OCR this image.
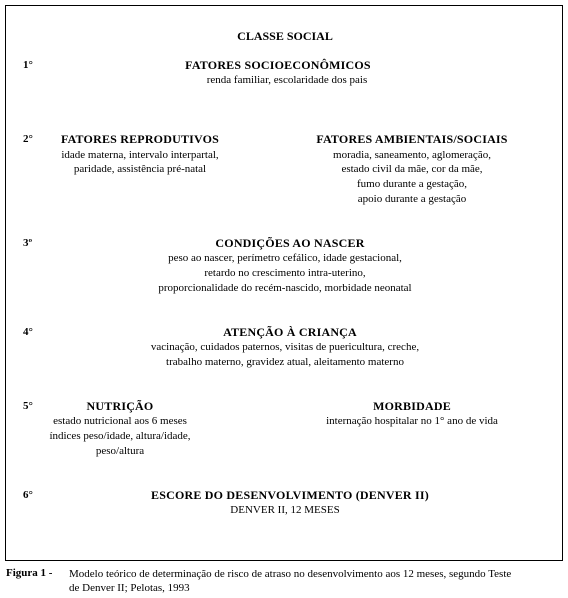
CLASSE SOCIAL
1°	FATORES SOCIOECONÔMICOS
renda familiar, escolaridade dos pais
2° FATORES REPRODUTIVOS
idade materna, intervalo interpartal,
paridade, assistência pré-natal
FATORES AMBIENTAIS/SOCIAIS
moradia, saneamento, aglomeração,
estado civil da mãe, cor da mãe,
fumo durante a gestação,
apoio durante a gestação
3º	CONDIÇÕES AO NASCER
peso ao nascer, perímetro cefálico, idade gestacional,
retardo no crescimento intra-uterino,
proporcionalidade do recém-nascido, morbidade neonatal
4°	ATENÇÃO À CRIANÇA
vacinação, cuidados paternos, visitas de puericultura, creche,
trabalho materno, gravidez atual, aleitamento materno
5°	NUTRIÇÃO
estado nutricional aos 6 meses
índices peso/idade, altura/idade,
peso/altura
MORBIDADE
internação hospitalar no 1° ano de vida
6°	ESCORE DO DESENVOLVIMENTO (DENVER II)
DENVER II, 12 MESES
Figura 1 - Modelo teórico de determinação de risco de atraso no desenvolvimento aos 12 meses, segundo Teste
de Denver II; Pelotas, 1993
